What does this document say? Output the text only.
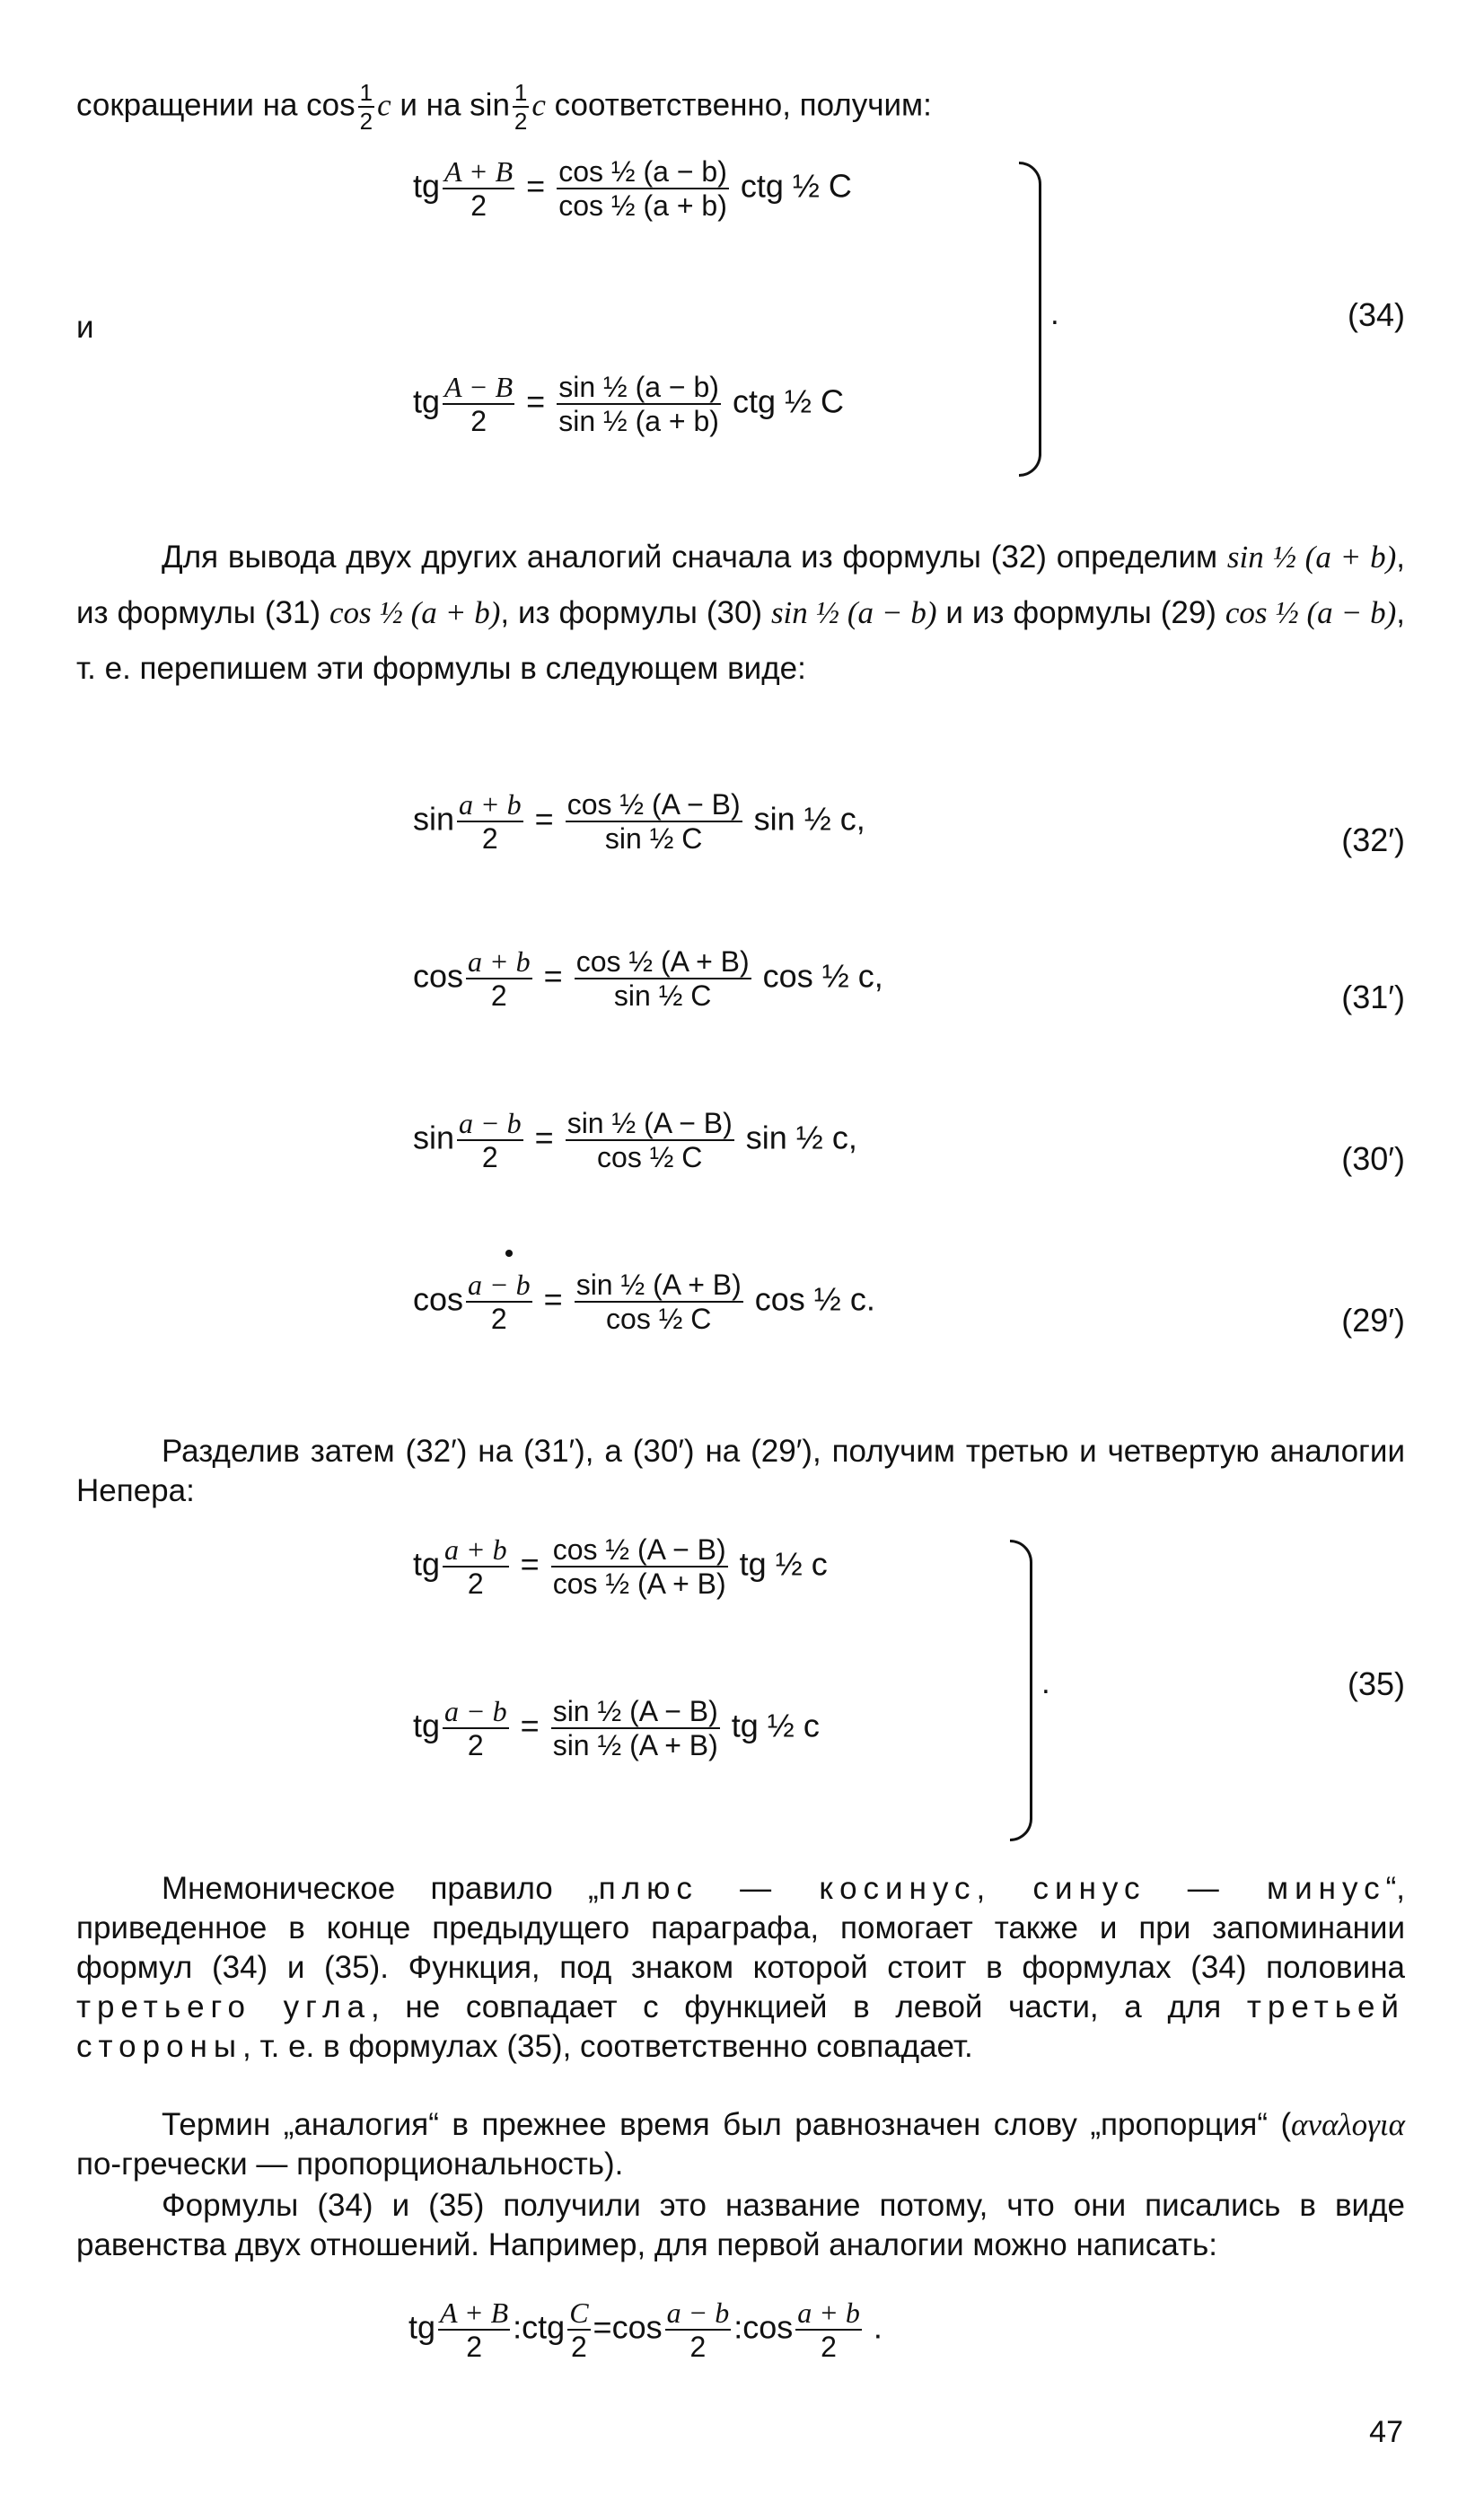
сокращении на $\cos \frac{1}{2}$ c и на $\sin \frac{1}{2}$ c соответственно, получим:
tg $\frac{A + B}{2} = \frac{\text{cos ½ (a − b)}}{\text{cos ½ (a + b)}}$ ctg ½ C
и
tg $\frac{A - B}{2} = \frac{\text{sin ½ (a − b)}}{\text{sin ½ (a + b)}}$ ctg ½ C
.	(34)
Для вывода двух других аналогий сначала из формулы (32) определим sin ½ (a + b), из формулы (31) cos ½ (a + b), из формулы (30) sin ½ (a − b) и из формулы (29) cos ½ (a − b), т. е. перепишем эти формулы в следующем виде:
$\sin \frac{a + b}{2} = \frac{\text{cos ½ (A − B)}}{\text{sin ½ C}}$ sin ½ c,
(32′)
$\cos \frac{a + b}{2} = \frac{\text{cos ½ (A + B)}}{\text{sin ½ C}}$ cos ½ c,
(31′)
$\sin \frac{a - b}{2} = \frac{\text{sin ½ (A − B)}}{\text{cos ½ C}}$ sin ½ c,
(30′)
$\cos \frac{a - b}{2} = \frac{\text{sin ½ (A + B)}}{\text{cos ½ C}}$ cos ½ c.
(29′)
Разделив затем (32′) на (31′), а (30′) на (29′), получим третью и четвертую аналогии Непера:
tg $\frac{a + b}{2} = \frac{\text{cos ½ (A − B)}}{\text{cos ½ (A + B)}}$ tg ½ c
tg $\frac{a - b}{2} = \frac{\text{sin ½ (A − B)}}{\text{sin ½ (A + B)}}$ tg ½ c
.	(35)
Мнемоническое правило „плюс — косинус, синус — минус“, приведенное в конце предыдущего параграфа, помогает также и при запоминании формул (34) и (35). Функция, под знаком которой стоит в формулах (34) половина третьего угла, не совпадает с функцией в левой части, а для третьей стороны, т. е. в формулах (35), соответственно совпадает.
Термин „аналогия“ в прежнее время был равнозначен слову „пропорция“ (αναλογια по-гречески — пропорциональность).
Формулы (34) и (35) получили это название потому, что они писались в виде равенства двух отношений. Например, для первой аналогии можно написать:
tg $\frac{A + B}{2}$ :ctg $\frac{C}{2} =\cos \frac{a - b}{2}$ :cos $\frac{a + b}{2}$ .
47
